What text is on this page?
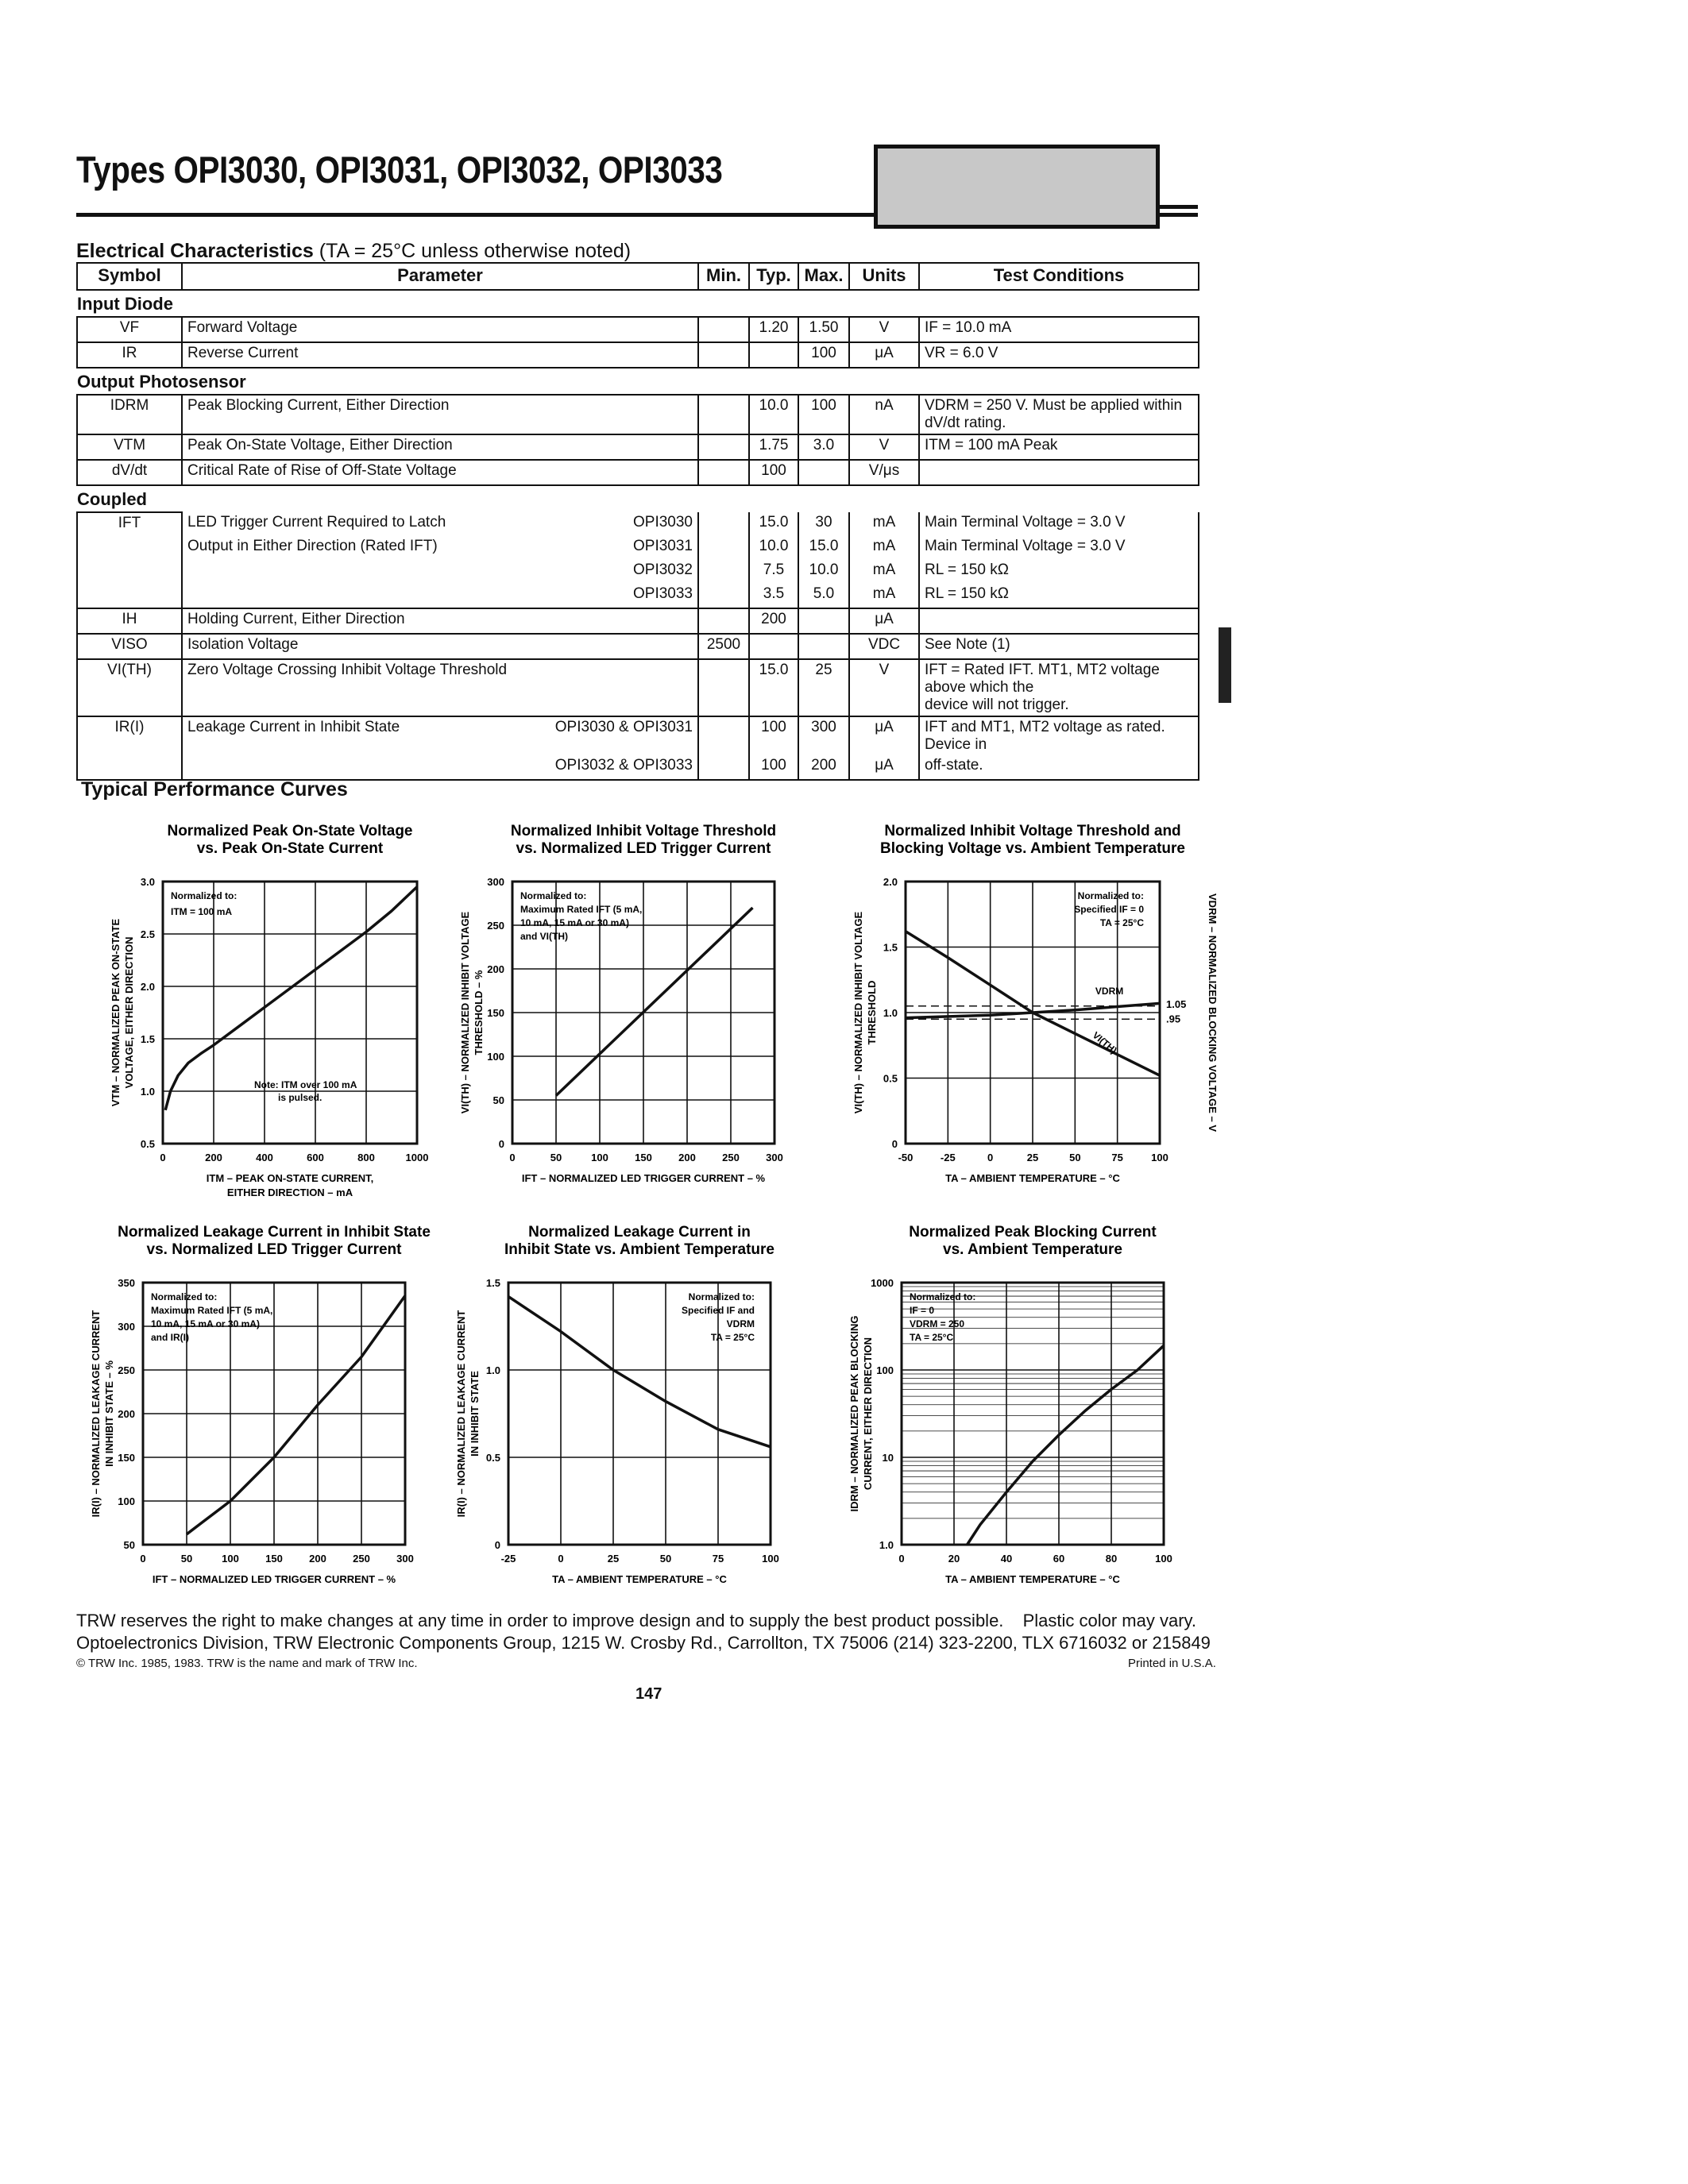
Types OPI3030, OPI3031, OPI3032, OPI3033
Electrical Characteristics (TA = 25°C unless otherwise noted)
Symbol	Parameter	Min.	Typ.	Max.	Units	Test Conditions
Input Diode						
VF	Forward Voltage		1.20	1.50	V	IF = 10.0 mA
IR	Reverse Current			100	μA	VR = 6.0 V
Output Photosensor						
IDRM	Peak Blocking Current, Either Direction		10.0	100	nA	VDRM = 250 V. Must be applied within dV/dt rating.
VTM	Peak On-State Voltage, Either Direction		1.75	3.0	V	ITM = 100 mA Peak
dV/dt	Critical Rate of Rise of Off-State Voltage		100		V/μs	
Coupled						
IFT	LED Trigger Current Required to Latch OPI3030		15.0	30	mA	Main Terminal Voltage = 3.0 V
	Output in Either Direction (Rated IFT) OPI3031		10.0	15.0	mA	Main Terminal Voltage = 3.0 V

	OPI3032		7.5	10.0	mA	RL = 150 kΩ

	OPI3033		3.5	5.0	mA	RL = 150 kΩ
IH	Holding Current, Either Direction		200		μA	
VISO	Isolation Voltage	2500			VDC	See Note (1)
VI(TH)	Zero Voltage Crossing Inhibit Voltage Threshold		15.0	25	V	IFT = Rated IFT. MT1, MT2 voltage above which the
device will not trigger.

IR(I)	Leakage Current in Inhibit State OPI3030 & OPI3031		100	300	μA	IFT and MT1, MT2 voltage as rated. Device in

	OPI3032 & OPI3033		100	200	μA	off-state.
Typical Performance Curves
Normalized Peak On-State Voltage
vs. Peak On-State Current
0	200	400	600	800	1000
0.5
1.0
1.5
2.0
2.5
3.0
VTM – NORMALIZED PEAK ON-STATE VOLTAGE, EITHER DIRECTION
ITM – PEAK ON-STATE CURRENT,
EITHER DIRECTION – mA
Normalized to:
ITM = 100 mA
Note: ITM over 100 mA
is pulsed.
Normalized Inhibit Voltage Threshold
vs. Normalized LED Trigger Current
0	50	100	150	200	250	300
0
50
100
150
200
250
300
VI(TH) – NORMALIZED INHIBIT VOLTAGE THRESHOLD – %
IFT – NORMALIZED LED TRIGGER CURRENT – %
Normalized to:
Maximum Rated IFT (5 mA,
10 mA, 15 mA or 30 mA)
and VI(TH)
Normalized Inhibit Voltage Threshold and
Blocking Voltage vs. Ambient Temperature
-50	-25	0	25	50	75	100
0
0.5
1.0
1.5
2.0
VI(TH) – NORMALIZED INHIBIT VOLTAGE THRESHOLD
TA – AMBIENT TEMPERATURE – °C
Normalized to:
Specified IF = 0
TA = 25°C
1.05
.95
VDRM
VI(TH)	VDRM – NORMALIZED BLOCKING VOLTAGE – V
Normalized Leakage Current in Inhibit State
vs. Normalized LED Trigger Current
0	50	100	150	200	250	300
50
100
150
200
250
300
350
IR(I) – NORMALIZED LEAKAGE CURRENT IN INHIBIT STATE – %
IFT – NORMALIZED LED TRIGGER CURRENT – %
Normalized to:
Maximum Rated IFT (5 mA,
10 mA, 15 mA or 30 mA)
and IR(I)
Normalized Leakage Current in
Inhibit State vs. Ambient Temperature
-25	0	25	50	75	100
0
0.5
1.0
1.5
IR(I) – NORMALIZED LEAKAGE CURRENT IN INHIBIT STATE
TA – AMBIENT TEMPERATURE – °C
Normalized to:
Specified IF and
VDRM
TA = 25°C
Normalized Peak Blocking Current
vs. Ambient Temperature
0	20	40	60	80	100
1.0
10
100
1000
IDRM – NORMALIZED PEAK BLOCKING CURRENT, EITHER DIRECTION
TA – AMBIENT TEMPERATURE – °C
Normalized to:
IF = 0
VDRM = 250
TA = 25°C
TRW reserves the right to make changes at any time in order to improve design and to supply the best product possible. Plastic color may vary.
Optoelectronics Division, TRW Electronic Components Group, 1215 W. Crosby Rd., Carrollton, TX 75006 (214) 323-2200, TLX 6716032 or 215849
© TRW Inc. 1985, 1983. TRW is the name and mark of TRW Inc.	Printed in U.S.A.
147
